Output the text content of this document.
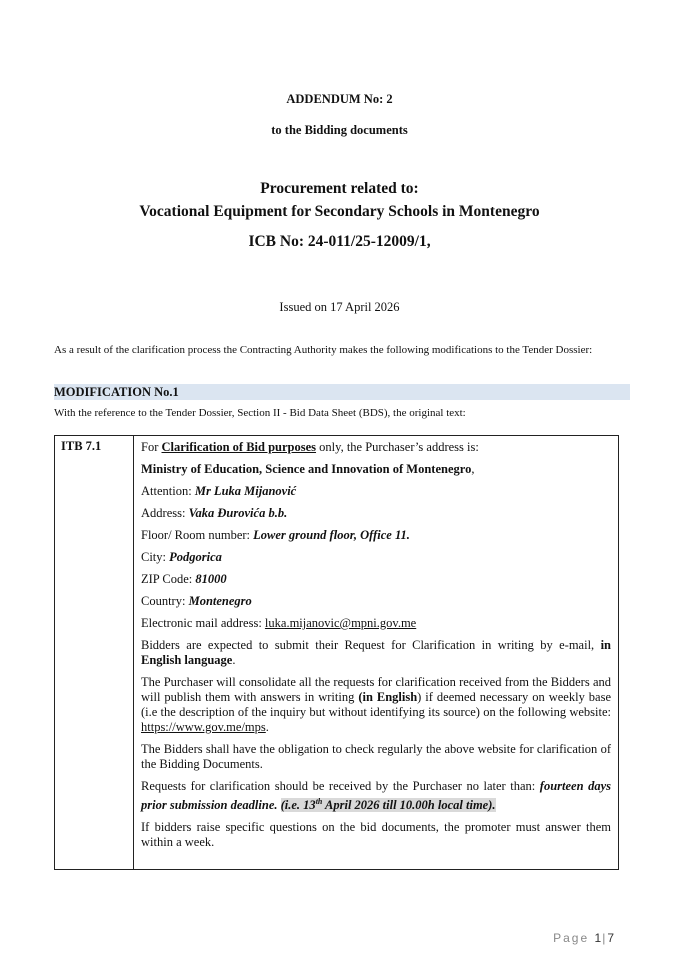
ADDENDUM No: 2
to the Bidding documents
Procurement related to:
Vocational Equipment for Secondary Schools in Montenegro
ICB No: 24-011/25-12009/1,
Issued on 17 April 2026
As a result of the clarification process the Contracting Authority makes the following modifications to the Tender Dossier:
MODIFICATION No.1
With the reference to the Tender Dossier, Section II - Bid Data Sheet (BDS), the original text:
ITB 7.1	For Clarification of Bid purposes only, the Purchaser’s address is:

Ministry of Education, Science and Innovation of Montenegro,

Attention: Mr Luka Mijanović

Address: Vaka Đurovića b.b.

Floor/ Room number: Lower ground floor, Office 11.

City: Podgorica

ZIP Code: 81000

Country: Montenegro

Electronic mail address: luka.mijanovic@mpni.gov.me

Bidders are expected to submit their Request for Clarification in writing by e-mail, in English language.

The Purchaser will consolidate all the requests for clarification received from the Bidders and will publish them with answers in writing (in English) if deemed necessary on weekly base (i.e the description of the inquiry but without identifying its source) on the following website: https://www.gov.me/mps.

The Bidders shall have the obligation to check regularly the above website for clarification of the Bidding Documents.

Requests for clarification should be received by the Purchaser no later than: fourteen days prior submission deadline. (i.e. 13th April 2026 till 10.00h local time).

If bidders raise specific questions on the bid documents, the promoter must answer them within a week.

Page 1|7
